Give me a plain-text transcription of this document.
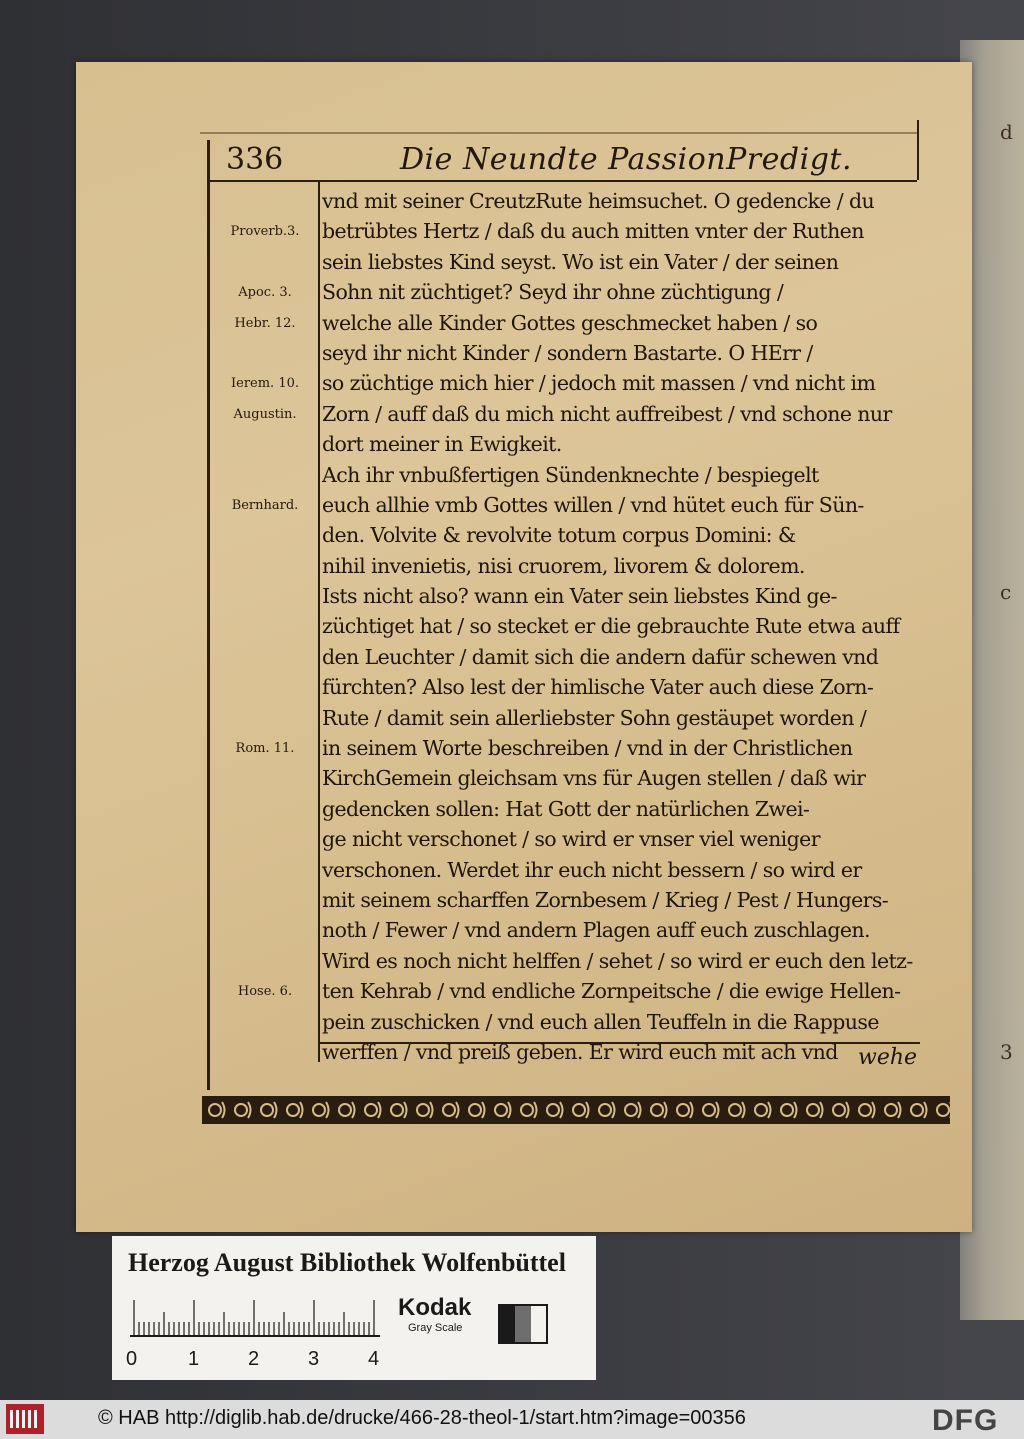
d
c
3
336	Die Neundte PassionPredigt.
Proverb.3.
Apoc. 3.
Hebr. 12.
Ierem. 10.
Augustin.
Bernhard.
Rom. 11.
Hose. 6.
vnd mit seiner CreutzRute heimsuchet. O gedencke / du
betrübtes Hertz / daß du auch mitten vnter der Ruthen
sein liebstes Kind seyst. Wo ist ein Vater / der seinen
Sohn nit züchtiget? Seyd ihr ohne züchtigung /
welche alle Kinder Gottes geschmecket haben / so
seyd ihr nicht Kinder / sondern Bastarte. O HErr /
so züchtige mich hier / jedoch mit massen / vnd nicht im
Zorn / auff daß du mich nicht auffreibest / vnd schone nur
dort meiner in Ewigkeit.
Ach ihr vnbußfertigen Sündenknechte / bespiegelt
euch allhie vmb Gottes willen / vnd hütet euch für Sün-
den. Volvite & revolvite totum corpus Domini: &
nihil invenietis, nisi cruorem, livorem & dolorem.
Ists nicht also? wann ein Vater sein liebstes Kind ge-
züchtiget hat / so stecket er die gebrauchte Rute etwa auff
den Leuchter / damit sich die andern dafür schewen vnd
fürchten? Also lest der himlische Vater auch diese Zorn-
Rute / damit sein allerliebster Sohn gestäupet worden /
in seinem Worte beschreiben / vnd in der Christlichen
KirchGemein gleichsam vns für Augen stellen / daß wir
gedencken sollen: Hat Gott der natürlichen Zwei-
ge nicht verschonet / so wird er vnser viel weniger
verschonen. Werdet ihr euch nicht bessern / so wird er
mit seinem scharffen Zornbesem / Krieg / Pest / Hungers-
noth / Fewer / vnd andern Plagen auff euch zuschlagen.
Wird es noch nicht helffen / sehet / so wird er euch den letz-
ten Kehrab / vnd endliche Zornpeitsche / die ewige Hellen-
pein zuschicken / vnd euch allen Teuffeln in die Rappuse
werffen / vnd preiß geben. Er wird euch mit ach vnd wehe
Herzog August Bibliothek Wolfenbüttel
0	1 2 3 4
Kodak
Gray Scale
© HAB http://diglib.hab.de/drucke/466-28-theol-1/start.htm?image=00356	DFG
